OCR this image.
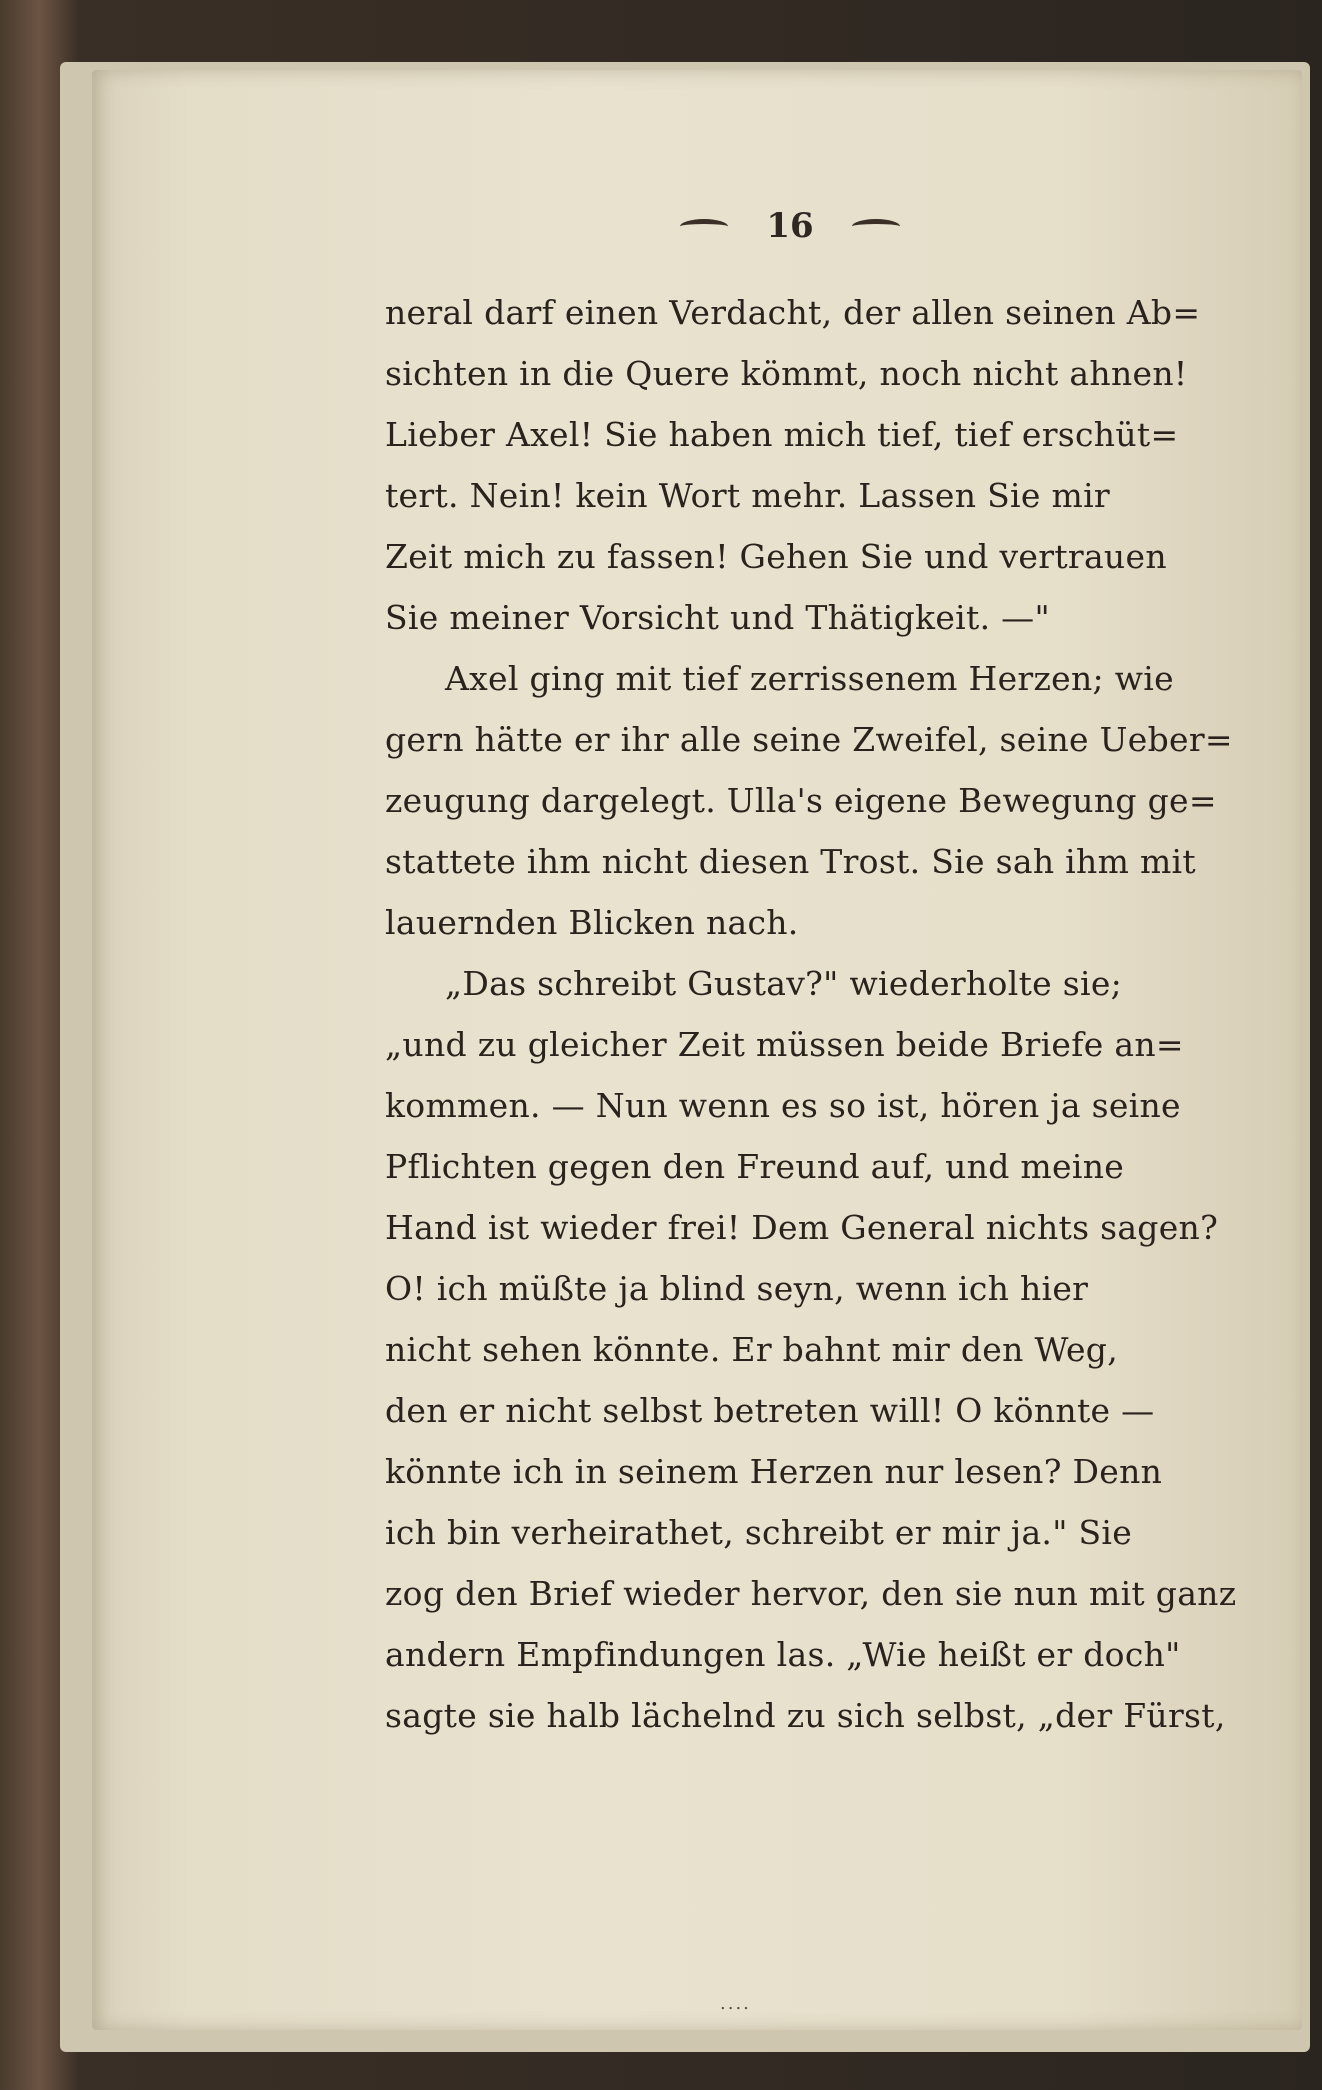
16
neral darf einen Verdacht, der allen seinen Ab=
sichten in die Quere kömmt, noch nicht ahnen!
Lieber Axel! Sie haben mich tief, tief erschüt=
tert. Nein! kein Wort mehr. Lassen Sie mir
Zeit mich zu fassen! Gehen Sie und vertrauen
Sie meiner Vorsicht und Thätigkeit. —"
Axel ging mit tief zerrissenem Herzen; wie
gern hätte er ihr alle seine Zweifel, seine Ueber=
zeugung dargelegt. Ulla's eigene Bewegung ge=
stattete ihm nicht diesen Trost. Sie sah ihm mit
lauernden Blicken nach.
„Das schreibt Gustav?" wiederholte sie;
„und zu gleicher Zeit müssen beide Briefe an=
kommen. — Nun wenn es so ist, hören ja seine
Pflichten gegen den Freund auf, und meine
Hand ist wieder frei! Dem General nichts sagen?
O! ich müßte ja blind seyn, wenn ich hier
nicht sehen könnte. Er bahnt mir den Weg,
den er nicht selbst betreten will! O könnte —
könnte ich in seinem Herzen nur lesen? Denn
ich bin verheirathet, schreibt er mir ja." Sie
zog den Brief wieder hervor, den sie nun mit ganz
andern Empfindungen las. „Wie heißt er doch"
sagte sie halb lächelnd zu sich selbst, „der Fürst,
....
